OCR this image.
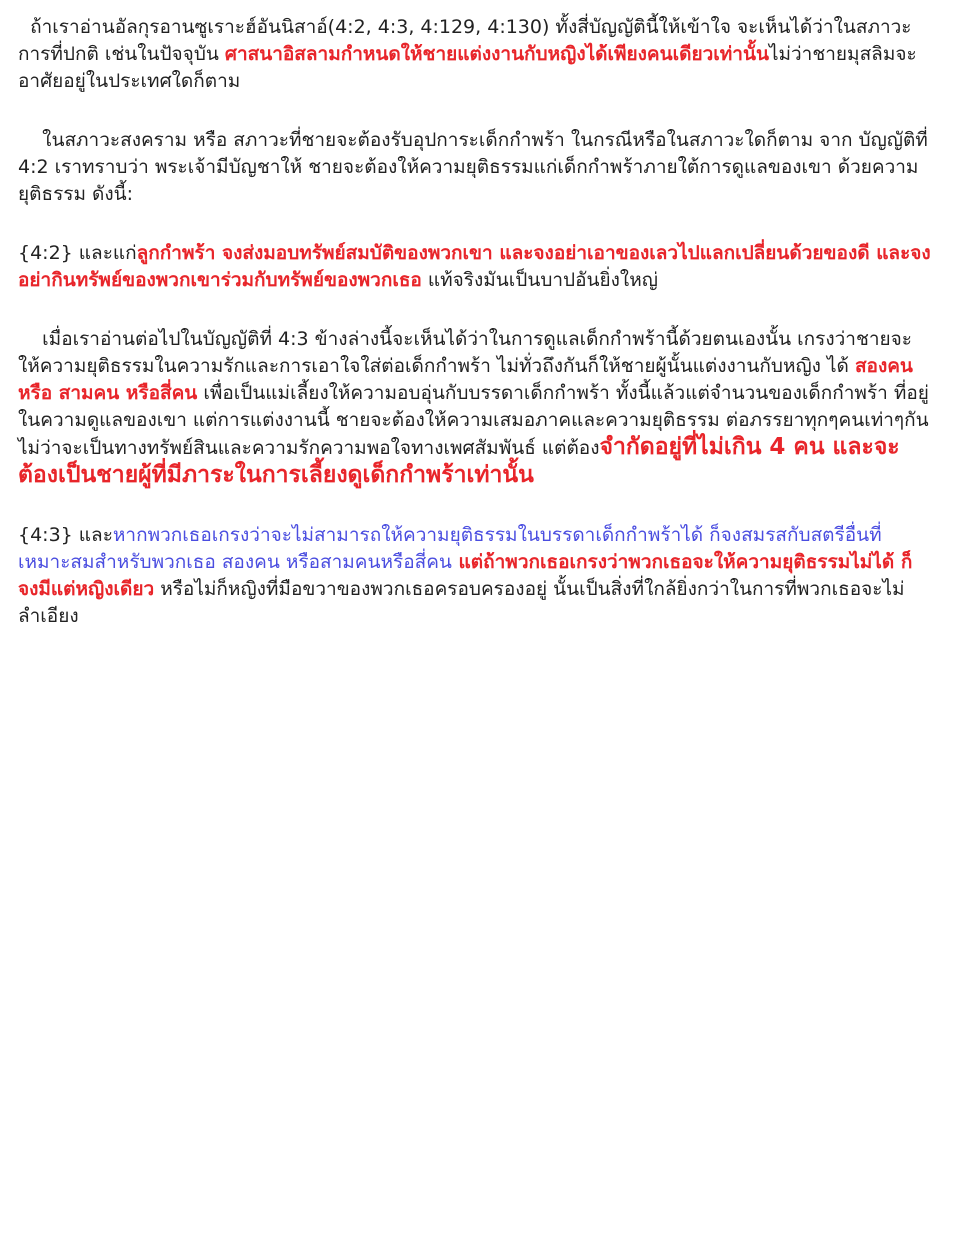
ถ้าเราอ่านอัลกุรอานซูเราะฮ์อันนิสาอ์(4:2, 4:3, 4:129, 4:130) ทั้งสี่บัญญัตินี้ให้เข้าใจ จะเห็นได้ว่าในสภาวะการที่ปกติ เช่นในปัจจุบัน ศาสนาอิสลามกำหนดให้ชายแต่งงานกับหญิงได้เพียงคนเดียวเท่านั้นไม่ว่าชายมุสลิมจะอาศัยอยู่ในประเทศใดก็ตาม

ในสภาวะสงคราม หรือ สภาวะที่ชายจะต้องรับอุปการะเด็กกำพร้า ในกรณีหรือในสภาวะใดก็ตาม จาก บัญญัติที่ 4:2 เราทราบว่า พระเจ้ามีบัญชาให้ ชายจะต้องให้ความยุติธรรมแก่เด็กกำพร้าภายใต้การดูแลของเขา ด้วยความยุติธรรม ดังนี้:

{4:2} และแก่ลูกกำพร้า จงส่งมอบทรัพย์สมบัติของพวกเขา และจงอย่าเอาของเลวไปแลกเปลี่ยนด้วยของดี และจงอย่ากินทรัพย์ของพวกเขาร่วมกับทรัพย์ของพวกเธอ แท้จริงมันเป็นบาปอันยิ่งใหญ่

เมื่อเราอ่านต่อไปในบัญญัติที่ 4:3 ข้างล่างนี้จะเห็นได้ว่าในการดูแลเด็กกำพร้านี้ด้วยตนเองนั้น เกรงว่าชายจะให้ความยุติธรรมในความรักและการเอาใจใส่ต่อเด็กกำพร้า ไม่ทั่วถึงกันก็ให้ชายผู้นั้นแต่งงานกับหญิง ได้ สองคน หรือ สามคน หรือสี่คน เพื่อเป็นแม่เลี้ยงให้ความอบอุ่นกับบรรดาเด็กกำพร้า ทั้งนี้แล้วแต่จำนวนของเด็กกำพร้า ที่อยู่ในความดูแลของเขา แต่การแต่งงานนี้ ชายจะต้องให้ความเสมอภาคและความยุติธรรม ต่อภรรยาทุกๆคนเท่าๆกัน ไม่ว่าจะเป็นทางทรัพย์สินและความรักความพอใจทางเพศสัมพันธ์ แต่ต้องจำกัดอยู่ที่ไม่เกิน 4 คน และจะต้องเป็นชายผู้ที่มีภาระในการเลี้ยงดูเด็กกำพร้าเท่านั้น

{4:3} และหากพวกเธอเกรงว่าจะไม่สามารถให้ความยุติธรรมในบรรดาเด็กกำพร้าได้ ก็จงสมรสกับสตรีอื่นที่เหมาะสมสำหรับพวกเธอ สองคน หรือสามคนหรือสี่คน แต่ถ้าพวกเธอเกรงว่าพวกเธอจะให้ความยุติธรรมไม่ได้ ก็จงมีแต่หญิงเดียว หรือไม่ก็หญิงที่มือขวาของพวกเธอครอบครองอยู่ นั้นเป็นสิ่งที่ใกล้ยิ่งกว่าในการที่พวกเธอจะไม่ลำเอียง
